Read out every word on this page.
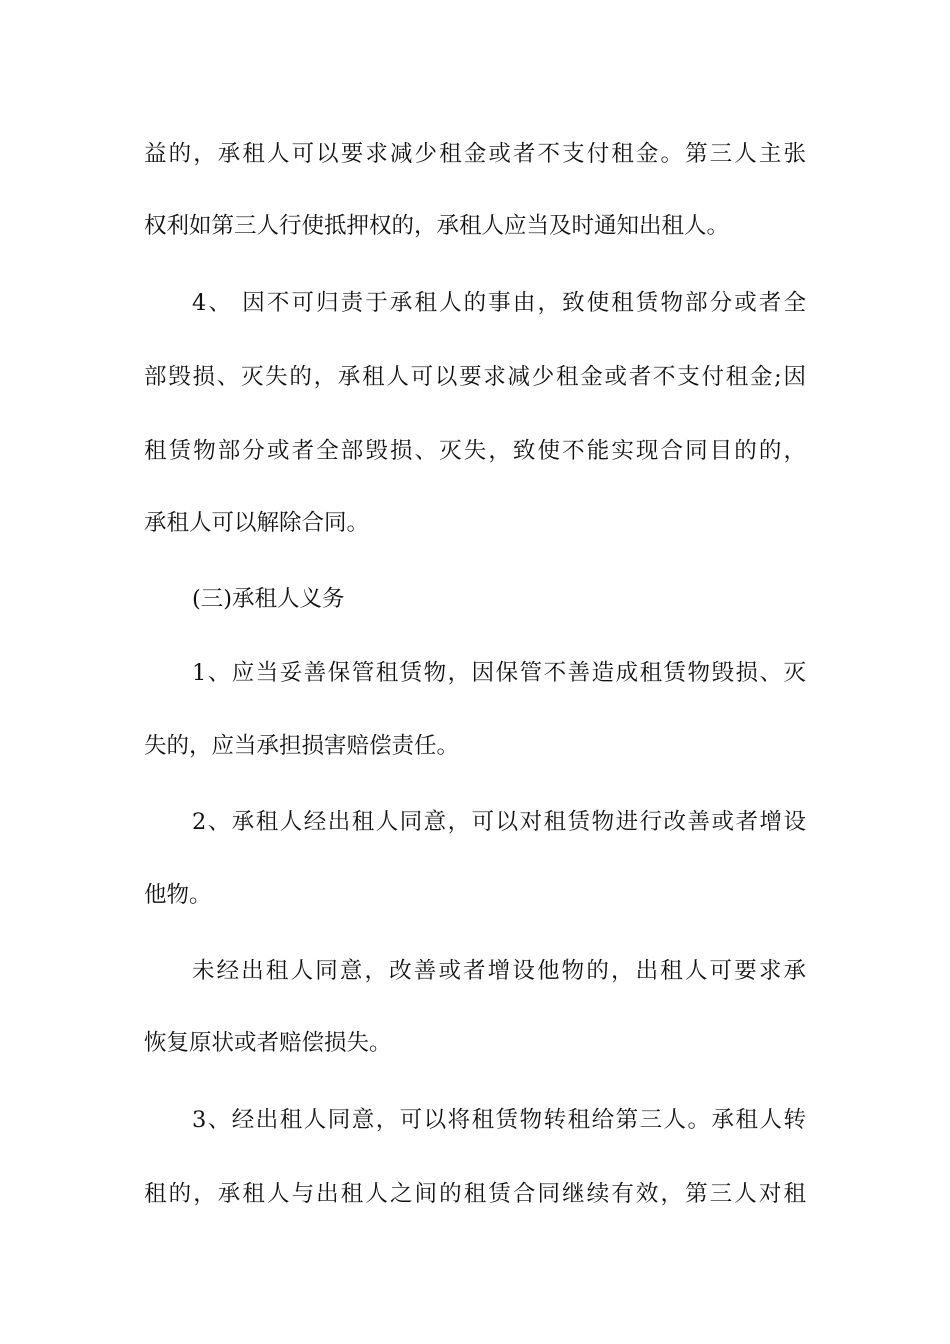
益的，承租人可以要求减少租金或者不支付租金。第三人主张
权利如第三人行使抵押权的，承租人应当及时通知出租人。
4、 因不可归责于承租人的事由，致使租赁物部分或者全
部毁损、灭失的，承租人可以要求减少租金或者不支付租金;因
租赁物部分或者全部毁损、灭失，致使不能实现合同目的的，
承租人可以解除合同。
(三)承租人义务
1、应当妥善保管租赁物，因保管不善造成租赁物毁损、灭
失的，应当承担损害赔偿责任。
2、承租人经出租人同意，可以对租赁物进行改善或者增设
他物。
未经出租人同意，改善或者增设他物的，出租人可要求承
恢复原状或者赔偿损失。
3、经出租人同意，可以将租赁物转租给第三人。承租人转
租的，承租人与出租人之间的租赁合同继续有效，第三人对租
